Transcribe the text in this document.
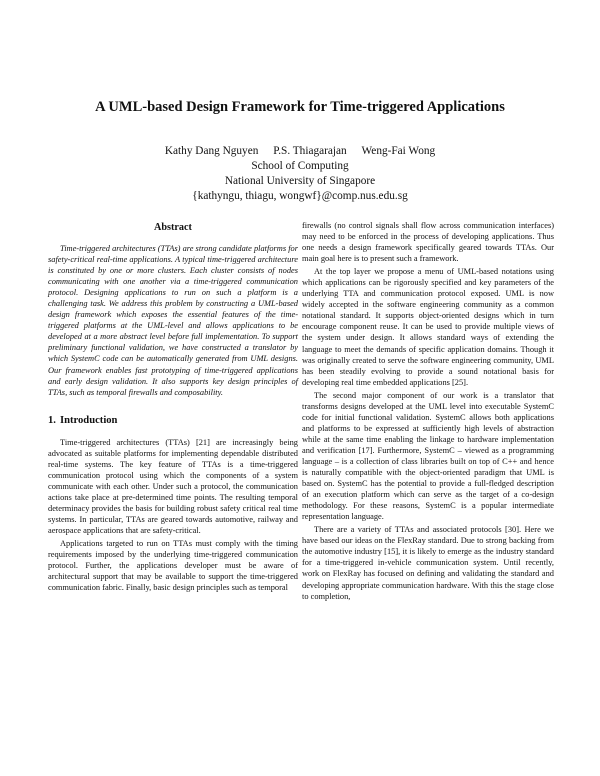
A UML-based Design Framework for Time-triggered Applications
Kathy Dang Nguyen P.S. Thiagarajan Weng-Fai Wong
School of Computing
National University of Singapore
{kathyngu, thiagu, wongwf}@comp.nus.edu.sg
Abstract

Time-triggered architectures (TTAs) are strong candidate platforms for safety-critical real-time applications. A typical time-triggered architecture is constituted by one or more clusters. Each cluster consists of nodes communicating with one another via a time-triggered communication protocol. Designing applications to run on such a platform is a challenging task. We address this problem by constructing a UML-based design framework which exposes the essential features of the time-triggered platforms at the UML-level and allows applications to be developed at a more abstract level before full implementation. To support preliminary functional validation, we have constructed a translator by which SystemC code can be automatically generated from UML designs. Our framework enables fast prototyping of time-triggered applications and early design validation. It also supports key design principles of TTAs, such as temporal firewalls and composability.

1. Introduction

Time-triggered architectures (TTAs) [21] are increasingly being advocated as suitable platforms for implementing dependable distributed real-time systems. The key feature of TTAs is a time-triggered communication protocol using which the components of a system communicate with each other. Under such a protocol, the communication actions take place at pre-determined time points. The resulting temporal determinacy provides the basis for building robust safety critical real time systems. In particular, TTAs are geared towards automotive, railway and aerospace applications that are safety-critical.

Applications targeted to run on TTAs must comply with the timing requirements imposed by the underlying time-triggered communication protocol. Further, the applications developer must be aware of architectural support that may be available to support the time-triggered communication fabric. Finally, basic design principles such as temporal

firewalls (no control signals shall flow across communication interfaces) may need to be enforced in the process of developing applications. Thus one needs a design framework specifically geared towards TTAs. Our main goal here is to present such a framework.

At the top layer we propose a menu of UML-based notations using which applications can be rigorously specified and key parameters of the underlying TTA and communication protocol exposed. UML is now widely accepted in the software engineering community as a common notational standard. It supports object-oriented designs which in turn encourage component reuse. It can be used to provide multiple views of the system under design. It allows standard ways of extending the language to meet the demands of specific application domains. Though it was originally created to serve the software engineering community, UML has been steadily evolving to provide a sound notational basis for developing real time embedded applications [25].

The second major component of our work is a translator that transforms designs developed at the UML level into executable SystemC code for initial functional validation. SystemC allows both applications and platforms to be expressed at sufficiently high levels of abstraction while at the same time enabling the linkage to hardware implementation and verification [17]. Furthermore, SystemC – viewed as a programming language – is a collection of class libraries built on top of C++ and hence is naturally compatible with the object-oriented paradigm that UML is based on. SystemC has the potential to provide a full-fledged description of an execution platform which can serve as the target of a co-design methodology. For these reasons, SystemC is a popular intermediate representation language.

There are a variety of TTAs and associated protocols [30]. Here we have based our ideas on the FlexRay standard. Due to strong backing from the automotive industry [15], it is likely to emerge as the industry standard for a time-triggered in-vehicle communication system. Until recently, work on FlexRay has focused on defining and validating the standard and developing appropriate communication hardware. With this the stage close to completion,
